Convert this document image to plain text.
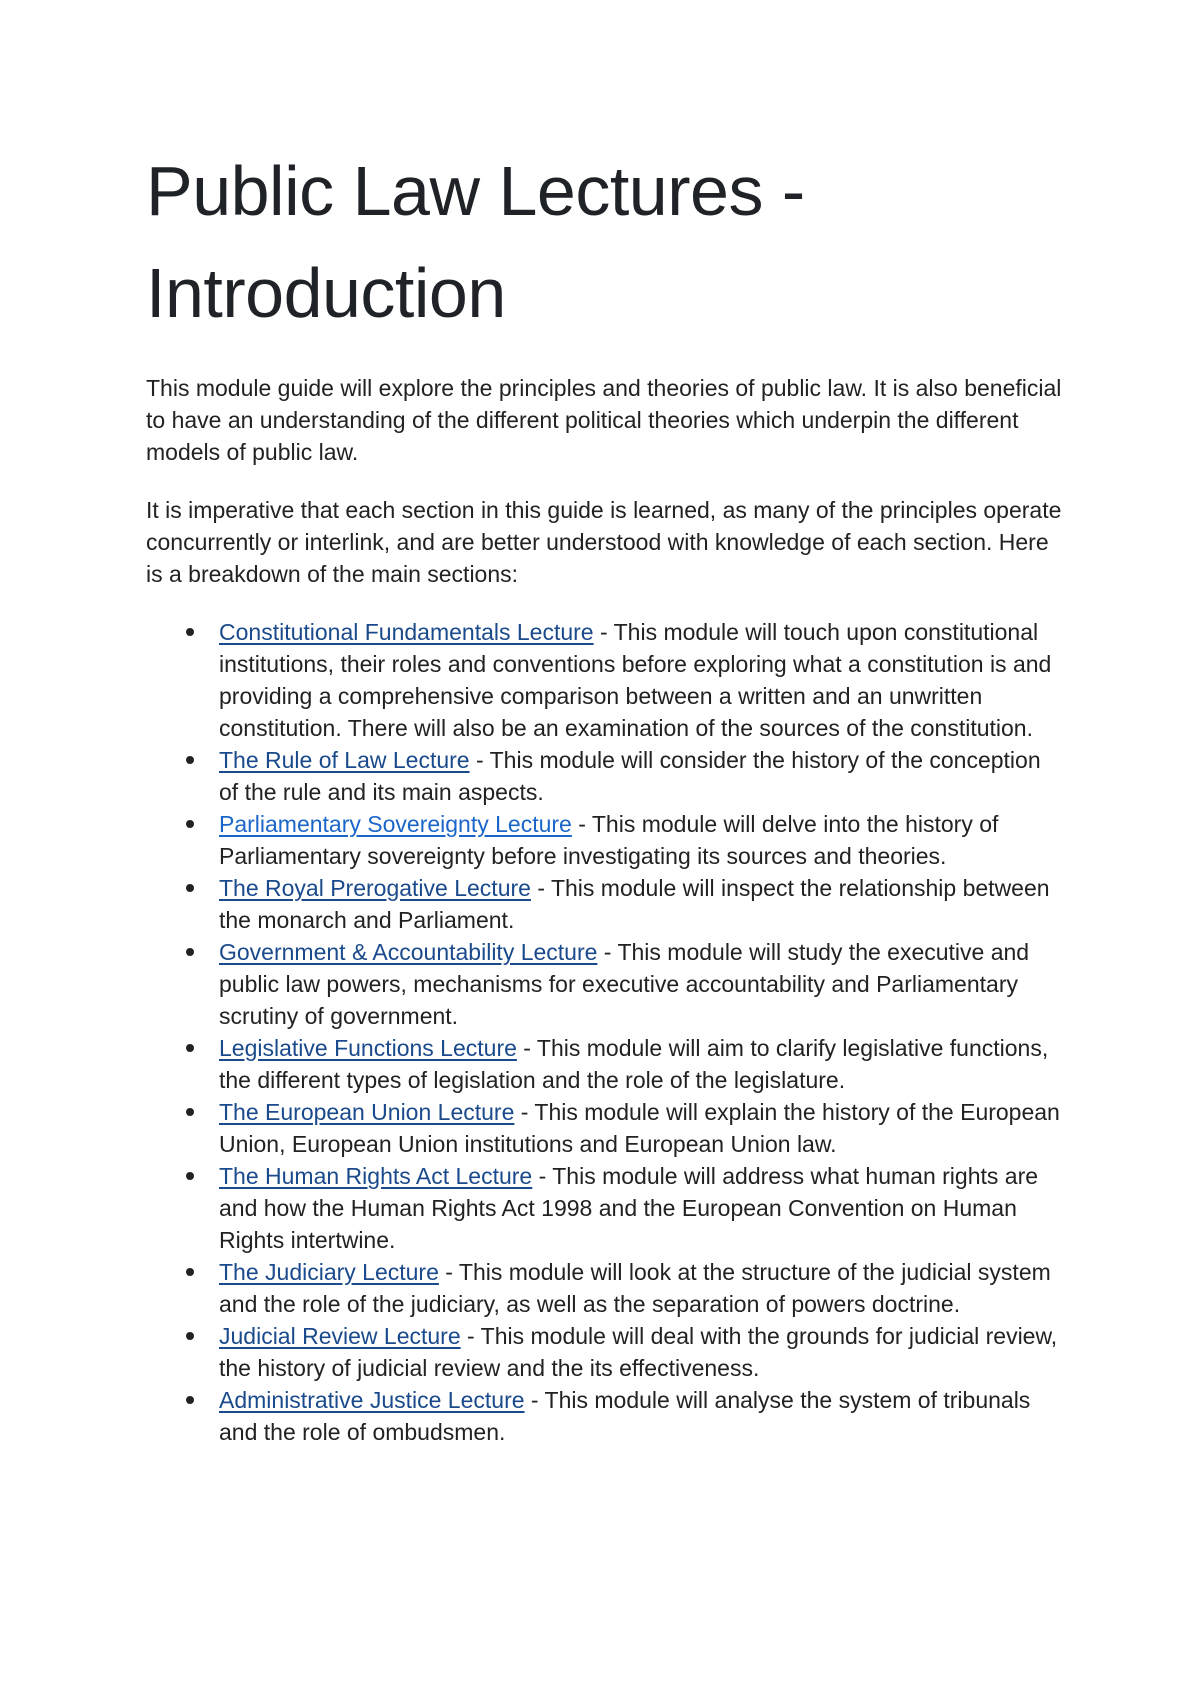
Public Law Lectures - Introduction

This module guide will explore the principles and theories of public law. It is also beneficial to have an understanding of the different political theories which underpin the different models of public law.

It is imperative that each section in this guide is learned, as many of the principles operate concurrently or interlink, and are better understood with knowledge of each section. Here is a breakdown of the main sections:

Constitutional Fundamentals Lecture - This module will touch upon constitutional institutions, their roles and conventions before exploring what a constitution is and providing a comprehensive comparison between a written and an unwritten constitution. There will also be an examination of the sources of the constitution.
The Rule of Law Lecture - This module will consider the history of the conception of the rule and its main aspects.
Parliamentary Sovereignty Lecture - This module will delve into the history of Parliamentary sovereignty before investigating its sources and theories.
The Royal Prerogative Lecture - This module will inspect the relationship between the monarch and Parliament.
Government & Accountability Lecture - This module will study the executive and public law powers, mechanisms for executive accountability and Parliamentary scrutiny of government.
Legislative Functions Lecture - This module will aim to clarify legislative functions, the different types of legislation and the role of the legislature.
The European Union Lecture - This module will explain the history of the European Union, European Union institutions and European Union law.
The Human Rights Act Lecture - This module will address what human rights are and how the Human Rights Act 1998 and the European Convention on Human Rights intertwine.
The Judiciary Lecture - This module will look at the structure of the judicial system and the role of the judiciary, as well as the separation of powers doctrine.
Judicial Review Lecture - This module will deal with the grounds for judicial review, the history of judicial review and the its effectiveness.
Administrative Justice Lecture - This module will analyse the system of tribunals and the role of ombudsmen.
